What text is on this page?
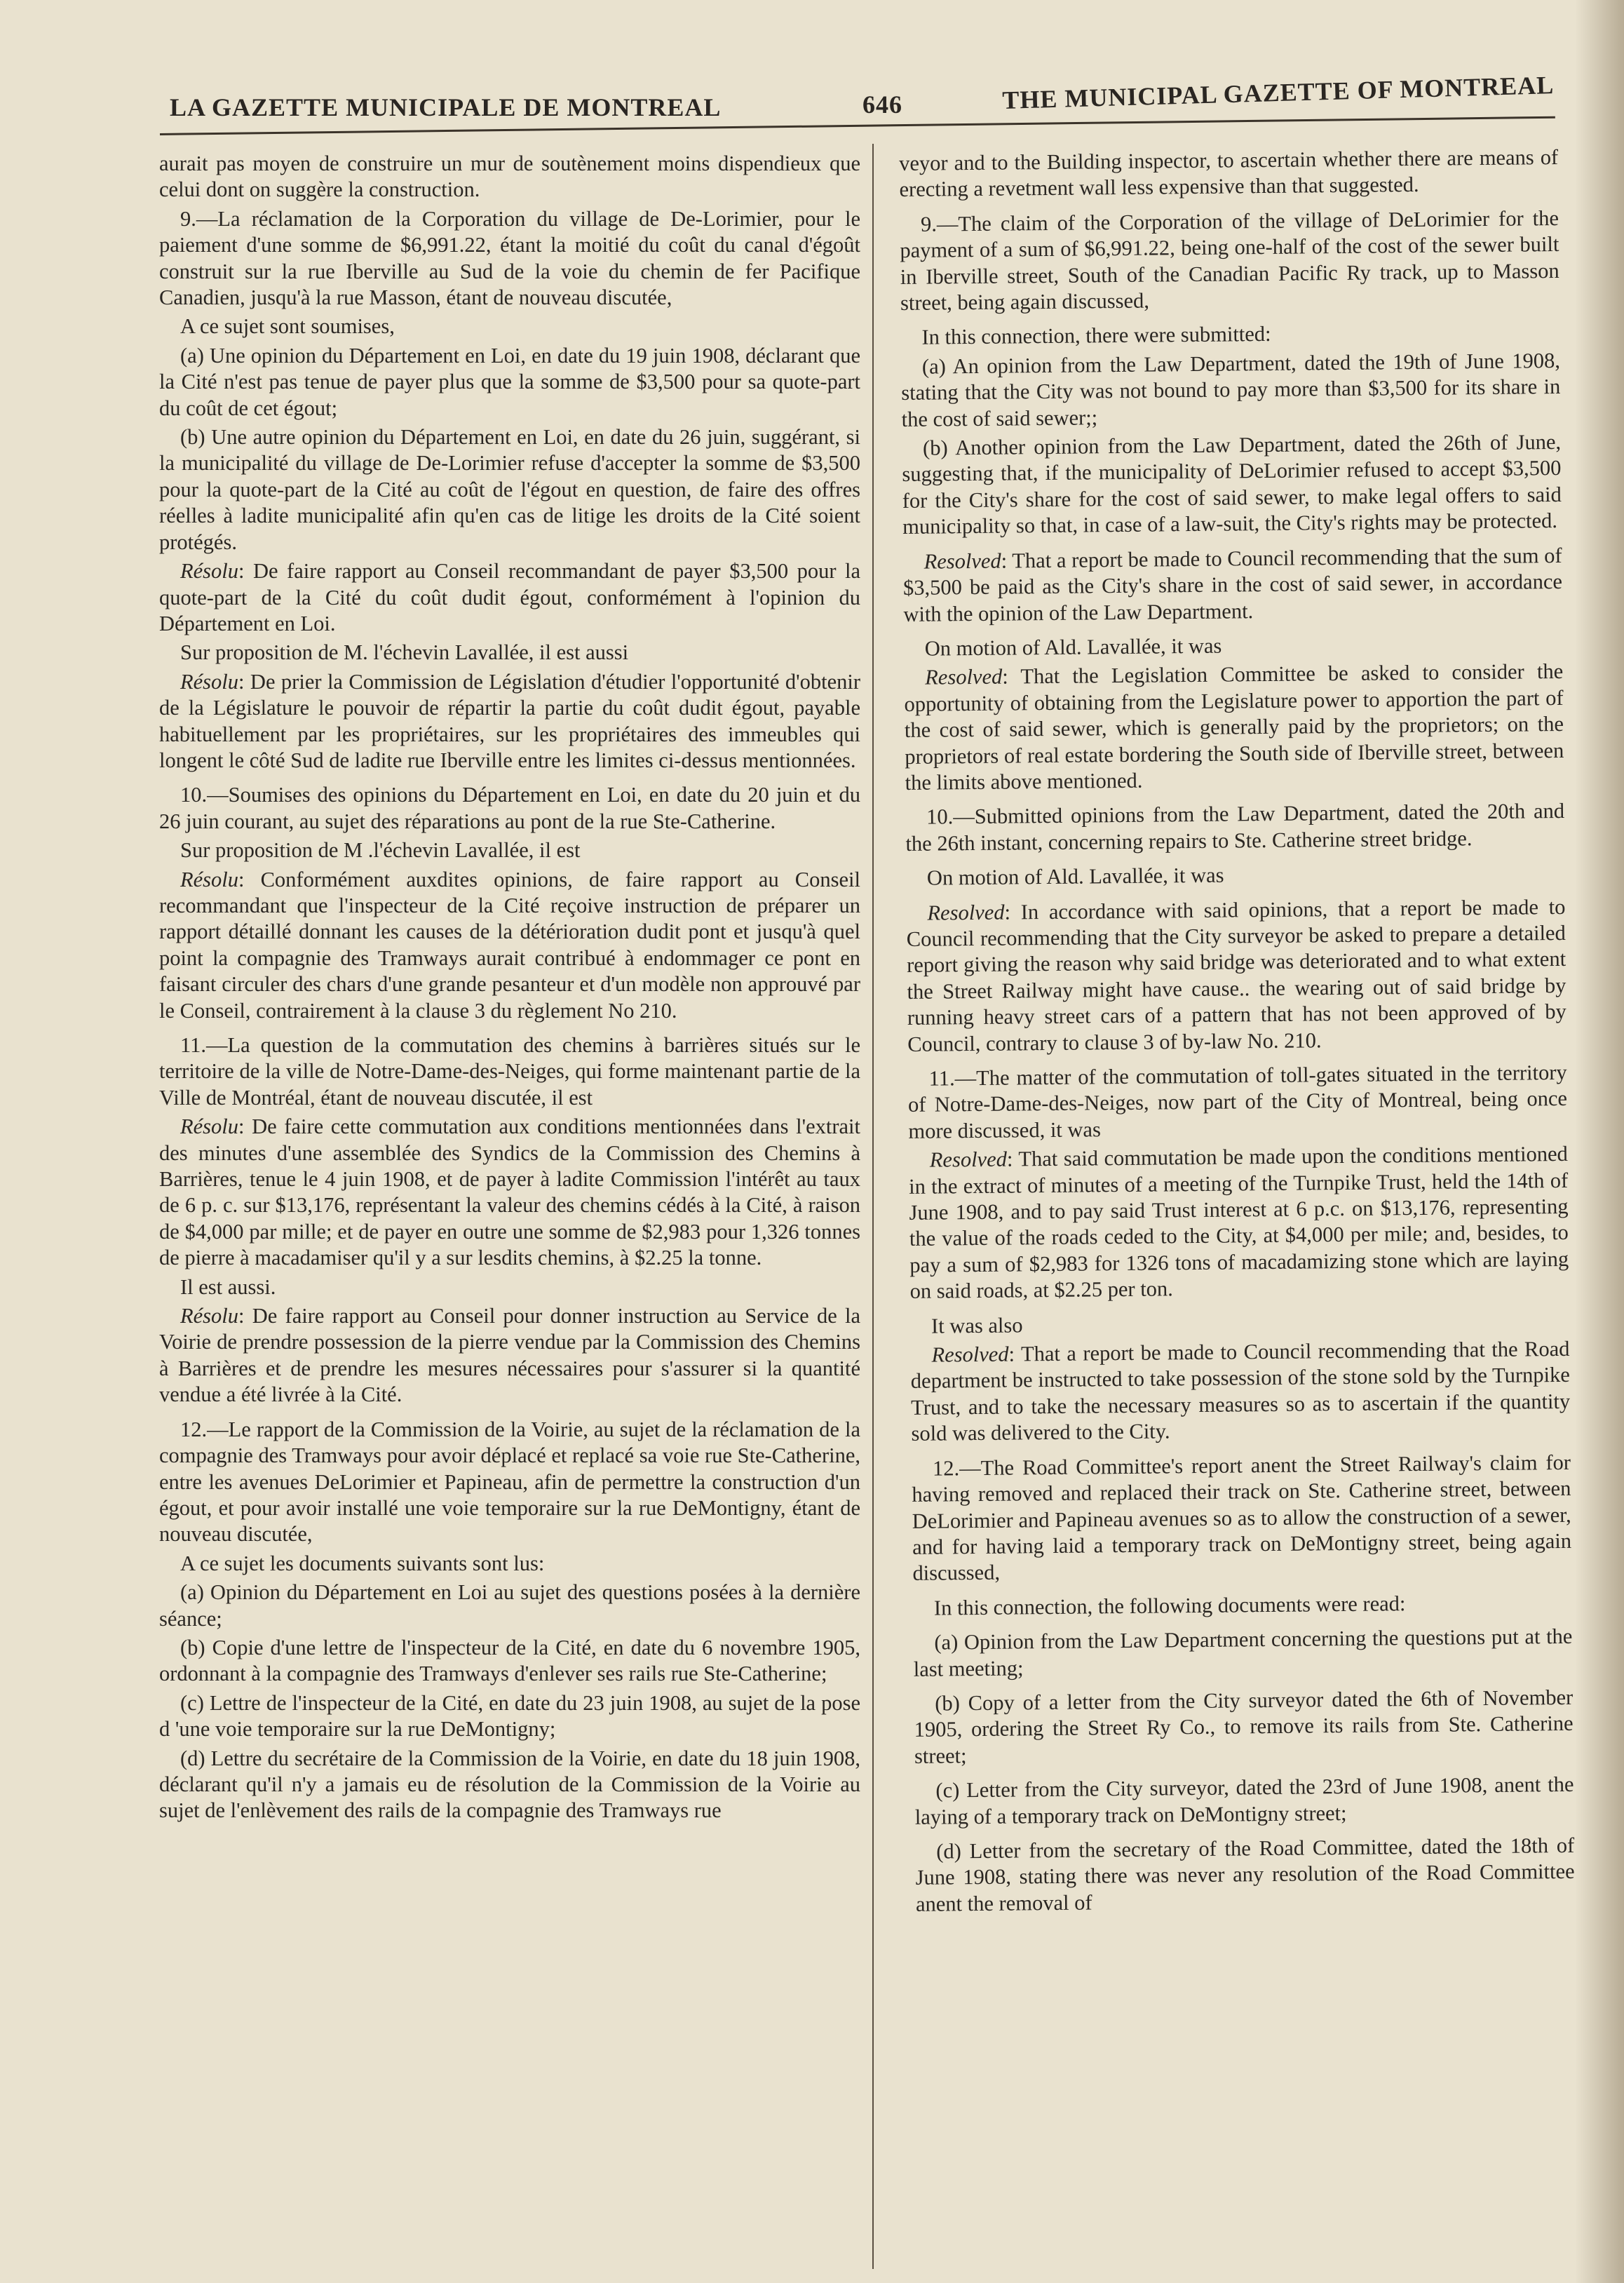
LA GAZETTE MUNICIPALE DE MONTREAL	646	THE MUNICIPAL GAZETTE OF MONTREAL

aurait pas moyen de construire un mur de soutènement moins dispendieux que celui dont on suggère la construction.

9.—La réclamation de la Corporation du village de De-Lorimier, pour le paiement d'une somme de $6,991.22, étant la moitié du coût du canal d'égoût construit sur la rue Iberville au Sud de la voie du chemin de fer Pacifique Canadien, jusqu'à la rue Masson, étant de nouveau discutée,

A ce sujet sont soumises,

(a) Une opinion du Département en Loi, en date du 19 juin 1908, déclarant que la Cité n'est pas tenue de payer plus que la somme de $3,500 pour sa quote-part du coût de cet égout;

(b) Une autre opinion du Département en Loi, en date du 26 juin, suggérant, si la municipalité du village de De-Lorimier refuse d'accepter la somme de $3,500 pour la quote-part de la Cité au coût de l'égout en question, de faire des offres réelles à ladite municipalité afin qu'en cas de litige les droits de la Cité soient protégés.

Résolu: De faire rapport au Conseil recommandant de payer $3,500 pour la quote-part de la Cité du coût dudit égout, conformément à l'opinion du Département en Loi.

Sur proposition de M. l'échevin Lavallée, il est aussi

Résolu: De prier la Commission de Législation d'étudier l'opportunité d'obtenir de la Législature le pouvoir de répartir la partie du coût dudit égout, payable habituellement par les propriétaires, sur les propriétaires des immeubles qui longent le côté Sud de ladite rue Iberville entre les limites ci-dessus mentionnées.

10.—Soumises des opinions du Département en Loi, en date du 20 juin et du 26 juin courant, au sujet des réparations au pont de la rue Ste-Catherine.

Sur proposition de M .l'échevin Lavallée, il est

Résolu: Conformément auxdites opinions, de faire rapport au Conseil recommandant que l'inspecteur de la Cité reçoive instruction de préparer un rapport détaillé donnant les causes de la détérioration dudit pont et jusqu'à quel point la compagnie des Tramways aurait contribué à endommager ce pont en faisant circuler des chars d'une grande pesanteur et d'un modèle non approuvé par le Conseil, contrairement à la clause 3 du règlement No 210.

11.—La question de la commutation des chemins à barrières situés sur le territoire de la ville de Notre-Dame-des-Neiges, qui forme maintenant partie de la Ville de Montréal, étant de nouveau discutée, il est

Résolu: De faire cette commutation aux conditions mentionnées dans l'extrait des minutes d'une assemblée des Syndics de la Commission des Chemins à Barrières, tenue le 4 juin 1908, et de payer à ladite Commission l'intérêt au taux de 6 p. c. sur $13,176, représentant la valeur des chemins cédés à la Cité, à raison de $4,000 par mille; et de payer en outre une somme de $2,983 pour 1,326 tonnes de pierre à macadamiser qu'il y a sur lesdits chemins, à $2.25 la tonne.

Il est aussi.

Résolu: De faire rapport au Conseil pour donner instruction au Service de la Voirie de prendre possession de la pierre vendue par la Commission des Chemins à Barrières et de prendre les mesures nécessaires pour s'assurer si la quantité vendue a été livrée à la Cité.

12.—Le rapport de la Commission de la Voirie, au sujet de la réclamation de la compagnie des Tramways pour avoir déplacé et replacé sa voie rue Ste-Catherine, entre les avenues DeLorimier et Papineau, afin de permettre la construction d'un égout, et pour avoir installé une voie temporaire sur la rue DeMontigny, étant de nouveau discutée,

A ce sujet les documents suivants sont lus:

(a) Opinion du Département en Loi au sujet des questions posées à la dernière séance;

(b) Copie d'une lettre de l'inspecteur de la Cité, en date du 6 novembre 1905, ordonnant à la compagnie des Tramways d'enlever ses rails rue Ste-Catherine;

(c) Lettre de l'inspecteur de la Cité, en date du 23 juin 1908, au sujet de la pose d 'une voie temporaire sur la rue DeMontigny;

(d) Lettre du secrétaire de la Commission de la Voirie, en date du 18 juin 1908, déclarant qu'il n'y a jamais eu de résolution de la Commission de la Voirie au sujet de l'enlèvement des rails de la compagnie des Tramways rue

veyor and to the Building inspector, to ascertain whether there are means of erecting a revetment wall less expensive than that suggested.

9.—The claim of the Corporation of the village of DeLorimier for the payment of a sum of $6,991.22, being one-half of the cost of the sewer built in Iberville street, South of the Canadian Pacific Ry track, up to Masson street, being again discussed,

In this connection, there were submitted:

(a) An opinion from the Law Department, dated the 19th of June 1908, stating that the City was not bound to pay more than $3,500 for its share in the cost of said sewer;;

(b) Another opinion from the Law Department, dated the 26th of June, suggesting that, if the municipality of DeLorimier refused to accept $3,500 for the City's share for the cost of said sewer, to make legal offers to said municipality so that, in case of a law-suit, the City's rights may be protected.

Resolved: That a report be made to Council recommending that the sum of $3,500 be paid as the City's share in the cost of said sewer, in accordance with the opinion of the Law Department.

On motion of Ald. Lavallée, it was

Resolved: That the Legislation Committee be asked to consider the opportunity of obtaining from the Legislature power to apportion the part of the cost of said sewer, which is generally paid by the proprietors; on the proprietors of real estate bordering the South side of Iberville street, between the limits above mentioned.

10.—Submitted opinions from the Law Department, dated the 20th and the 26th instant, concerning repairs to Ste. Catherine street bridge.

On motion of Ald. Lavallée, it was

Resolved: In accordance with said opinions, that a report be made to Council recommending that the City surveyor be asked to prepare a detailed report giving the reason why said bridge was deteriorated and to what extent the Street Railway might have cause.. the wearing out of said bridge by running heavy street cars of a pattern that has not been approved of by Council, contrary to clause 3 of by-law No. 210.

11.—The matter of the commutation of toll-gates situated in the territory of Notre-Dame-des-Neiges, now part of the City of Montreal, being once more discussed, it was

Resolved: That said commutation be made upon the conditions mentioned in the extract of minutes of a meeting of the Turnpike Trust, held the 14th of June 1908, and to pay said Trust interest at 6 p.c. on $13,176, representing the value of the roads ceded to the City, at $4,000 per mile; and, besides, to pay a sum of $2,983 for 1326 tons of macadamizing stone which are laying on said roads, at $2.25 per ton.

It was also

Resolved: That a report be made to Council recommending that the Road department be instructed to take possession of the stone sold by the Turnpike Trust, and to take the necessary measures so as to ascertain if the quantity sold was delivered to the City.

12.—The Road Committee's report anent the Street Railway's claim for having removed and replaced their track on Ste. Catherine street, between DeLorimier and Papineau avenues so as to allow the construction of a sewer, and for having laid a temporary track on DeMontigny street, being again discussed,

In this connection, the following documents were read:

(a) Opinion from the Law Department concerning the questions put at the last meeting;

(b) Copy of a letter from the City surveyor dated the 6th of November 1905, ordering the Street Ry Co., to remove its rails from Ste. Catherine street;

(c) Letter from the City surveyor, dated the 23rd of June 1908, anent the laying of a temporary track on DeMontigny street;

(d) Letter from the secretary of the Road Committee, dated the 18th of June 1908, stating there was never any resolution of the Road Committee anent the removal of
